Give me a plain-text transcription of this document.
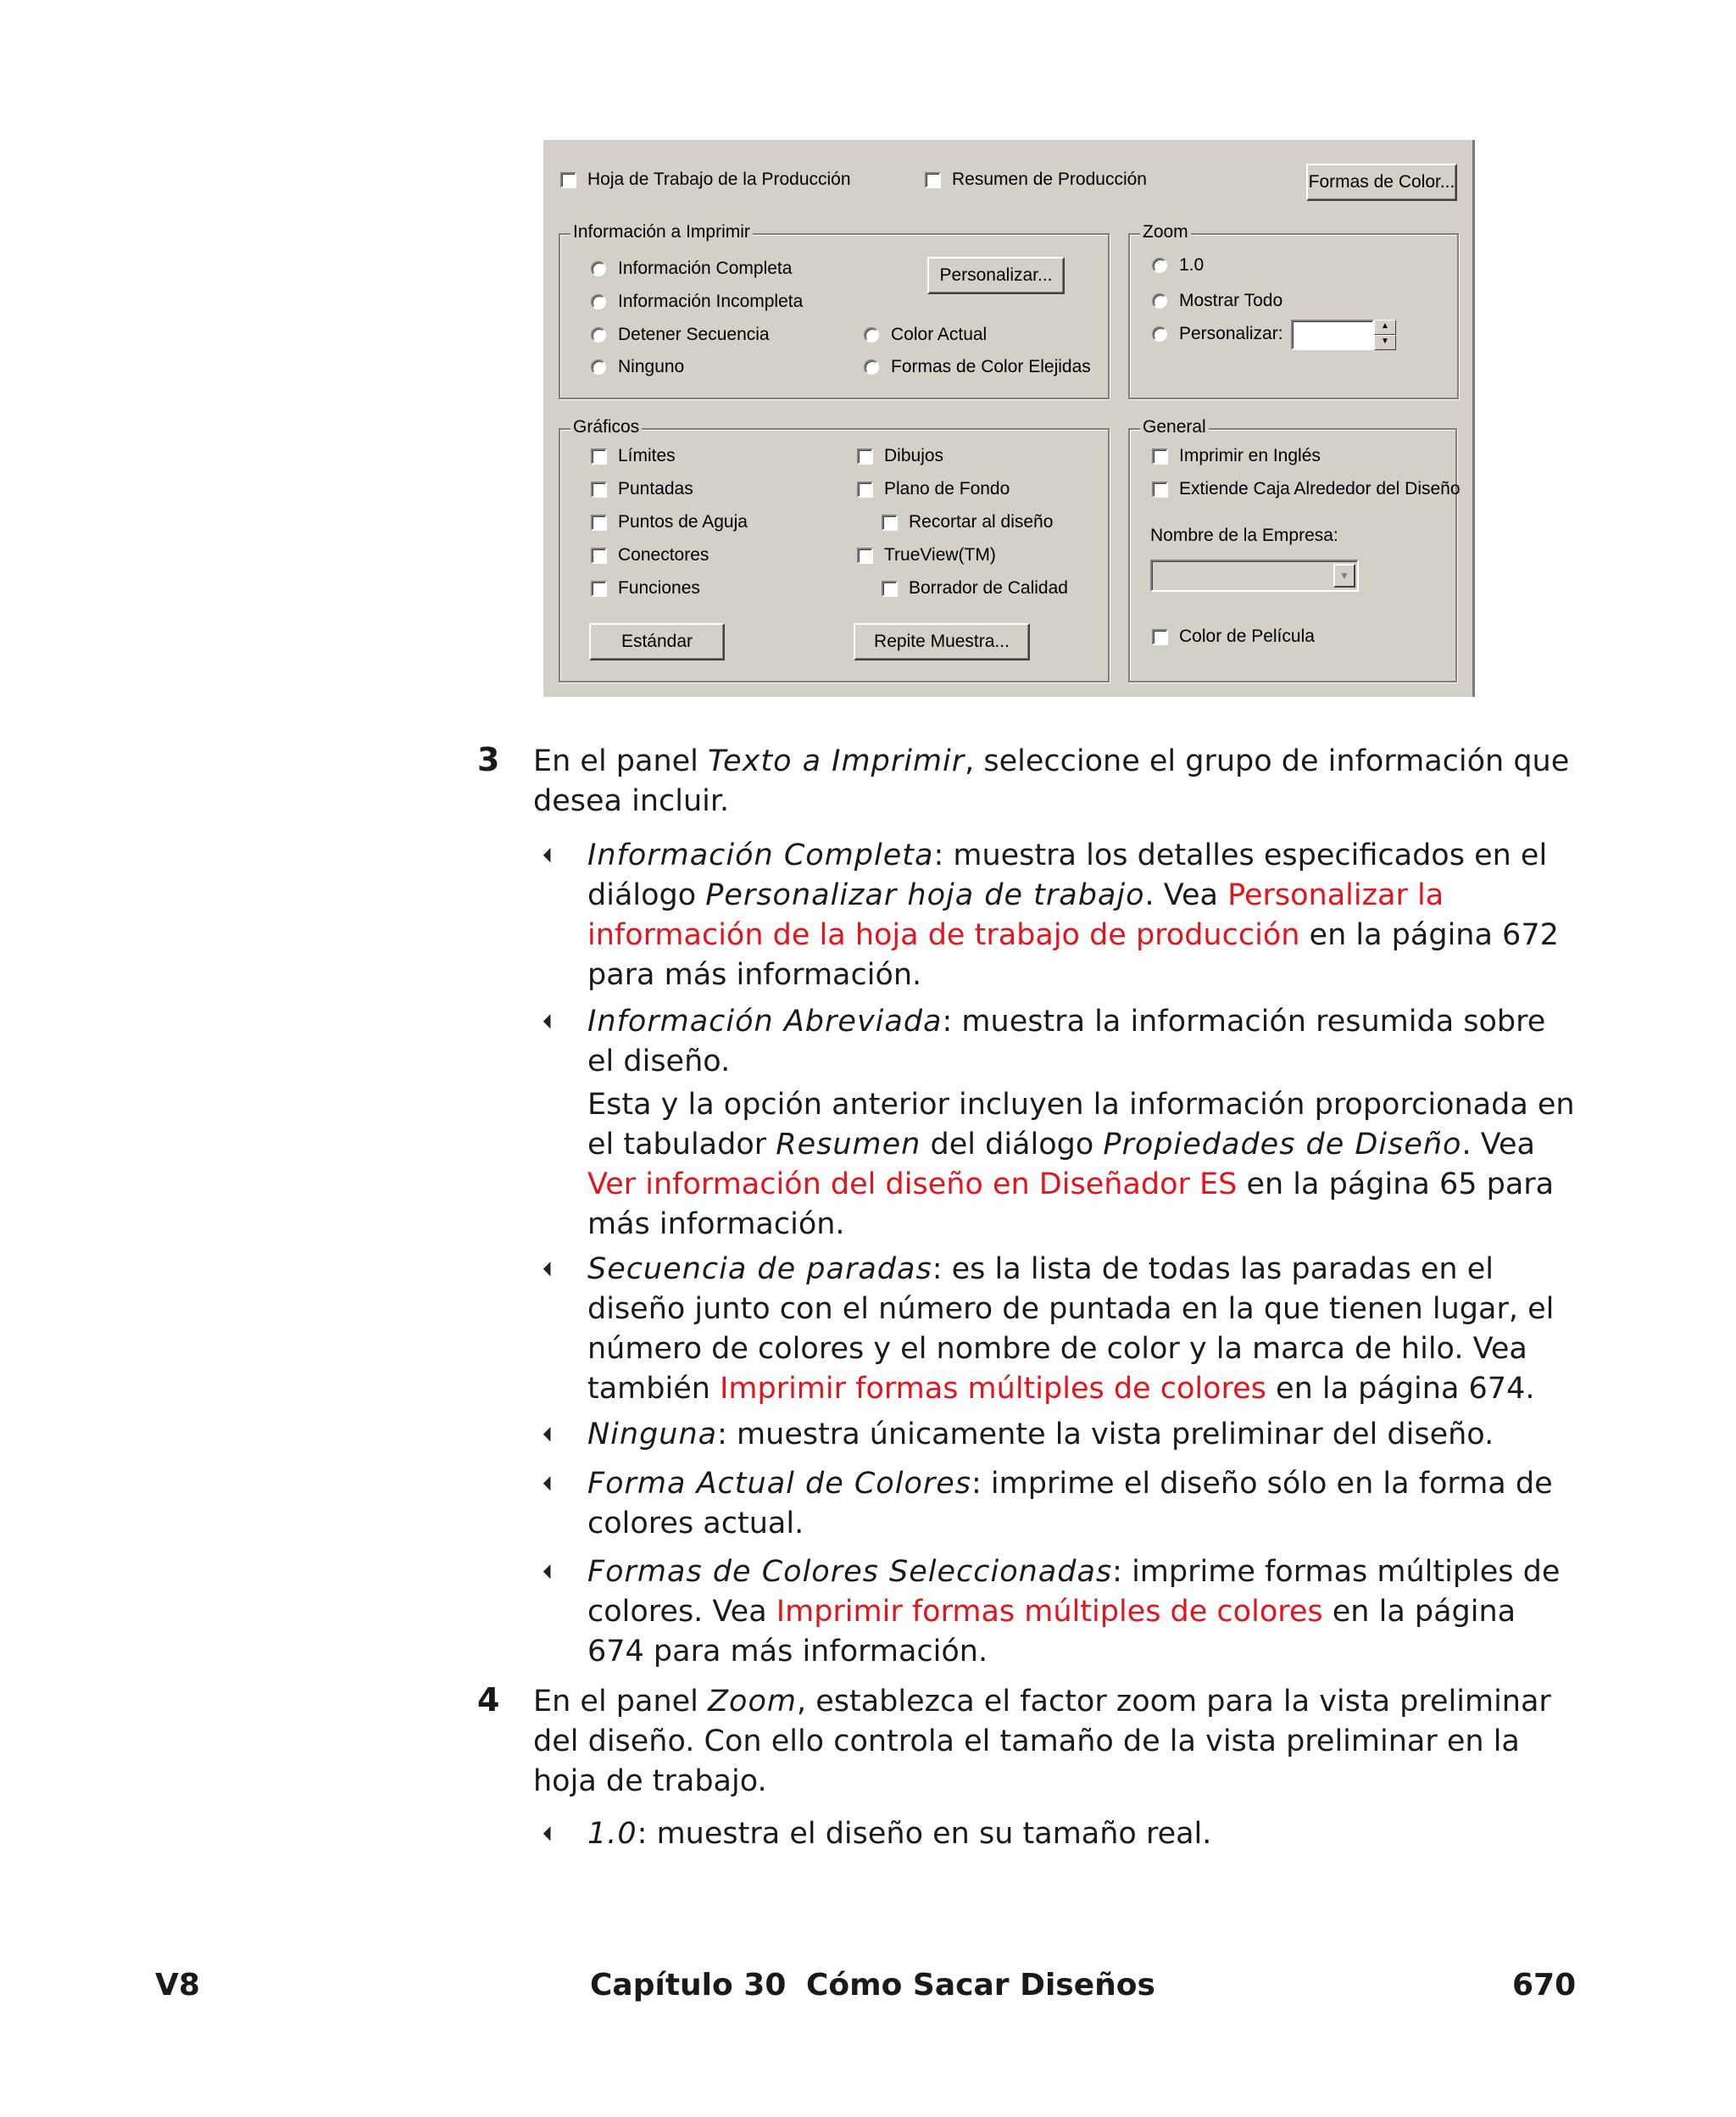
Hoja de Trabajo de la Producción	Resumen de Producción	Formas de Color...
Información a Imprimir
Información Completa
Información Incompleta
Detener Secuencia
Ninguno
Personalizar...
Color Actual
Formas de Color Elejidas
Zoom
1.0
Mostrar Todo
Personalizar:	▲
▼
Gráficos
Límites
Puntadas
Puntos de Aguja
Conectores
Funciones
Dibujos
Plano de Fondo
Recortar al diseño
TrueView(TM)
Borrador de Calidad
Estándar	Repite Muestra...
General
Imprimir en Inglés
Extiende Caja Alrededor del Diseño
Nombre de la Empresa:
▼
Color de Película
3 En el panel Texto a Imprimir, seleccione el grupo de información que desea incluir.
⏴ Información Completa: muestra los detalles especificados en el diálogo Personalizar hoja de trabajo. Vea Personalizar la información de la hoja de trabajo de producción en la página 672 para más información.
⏴ Información Abreviada: muestra la información resumida sobre el diseño.
Esta y la opción anterior incluyen la información proporcionada en el tabulador Resumen del diálogo Propiedades de Diseño. Vea Ver información del diseño en Diseñador ES en la página 65 para más información.
⏴ Secuencia de paradas: es la lista de todas las paradas en el diseño junto con el número de puntada en la que tienen lugar, el número de colores y el nombre de color y la marca de hilo. Vea también Imprimir formas múltiples de colores en la página 674.
⏴ Ninguna: muestra únicamente la vista preliminar del diseño.
⏴ Forma Actual de Colores: imprime el diseño sólo en la forma de colores actual.
⏴ Formas de Colores Seleccionadas: imprime formas múltiples de colores. Vea Imprimir formas múltiples de colores en la página 674 para más información.
4 En el panel Zoom, establezca el factor zoom para la vista preliminar del diseño. Con ello controla el tamaño de la vista preliminar en la hoja de trabajo.
⏴ 1.0: muestra el diseño en su tamaño real.
V8	Capítulo 30 Cómo Sacar Diseños	670
